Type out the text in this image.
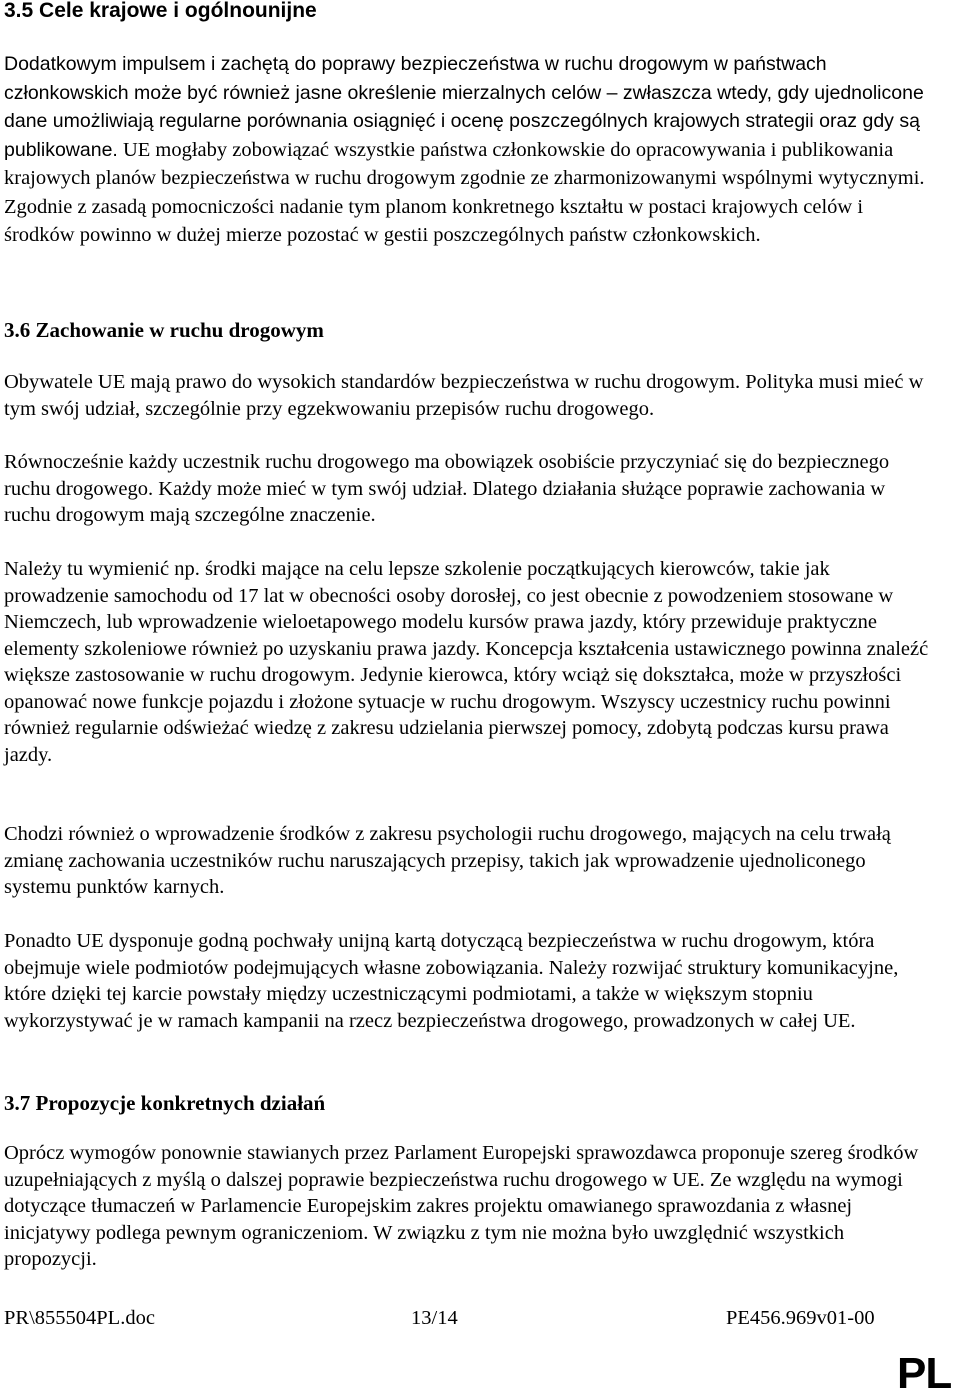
3.5 Cele krajowe i ogólnounijne

Dodatkowym impulsem i zachętą do poprawy bezpieczeństwa w ruchu drogowym w państwach członkowskich może być również jasne określenie mierzalnych celów – zwłaszcza wtedy, gdy ujednolicone dane umożliwiają regularne porównania osiągnięć i ocenę poszczególnych krajowych strategii oraz gdy są publikowane. UE mogłaby zobowiązać wszystkie państwa członkowskie do opracowywania i publikowania krajowych planów bezpieczeństwa w ruchu drogowym zgodnie ze zharmonizowanymi wspólnymi wytycznymi. Zgodnie z zasadą pomocniczości nadanie tym planom konkretnego kształtu w postaci krajowych celów i środków powinno w dużej mierze pozostać w gestii poszczególnych państw członkowskich.

3.6 Zachowanie w ruchu drogowym

Obywatele UE mają prawo do wysokich standardów bezpieczeństwa w ruchu drogowym. Polityka musi mieć w tym swój udział, szczególnie przy egzekwowaniu przepisów ruchu drogowego.

Równocześnie każdy uczestnik ruchu drogowego ma obowiązek osobiście przyczyniać się do bezpiecznego ruchu drogowego. Każdy może mieć w tym swój udział. Dlatego działania służące poprawie zachowania w ruchu drogowym mają szczególne znaczenie.

Należy tu wymienić np. środki mające na celu lepsze szkolenie początkujących kierowców, takie jak prowadzenie samochodu od 17 lat w obecności osoby dorosłej, co jest obecnie z powodzeniem stosowane w Niemczech, lub wprowadzenie wieloetapowego modelu kursów prawa jazdy, który przewiduje praktyczne elementy szkoleniowe również po uzyskaniu prawa jazdy. Koncepcja kształcenia ustawicznego powinna znaleźć większe zastosowanie w ruchu drogowym. Jedynie kierowca, który wciąż się dokształca, może w przyszłości opanować nowe funkcje pojazdu i złożone sytuacje w ruchu drogowym. Wszyscy uczestnicy ruchu powinni również regularnie odświeżać wiedzę z zakresu udzielania pierwszej pomocy, zdobytą podczas kursu prawa jazdy.

Chodzi również o wprowadzenie środków z zakresu psychologii ruchu drogowego, mających na celu trwałą zmianę zachowania uczestników ruchu naruszających przepisy, takich jak wprowadzenie ujednoliconego systemu punktów karnych.

Ponadto UE dysponuje godną pochwały unijną kartą dotyczącą bezpieczeństwa w ruchu drogowym, która obejmuje wiele podmiotów podejmujących własne zobowiązania. Należy rozwijać struktury komunikacyjne, które dzięki tej karcie powstały między uczestniczącymi podmiotami, a także w większym stopniu wykorzystywać je w ramach kampanii na rzecz bezpieczeństwa drogowego, prowadzonych w całej UE.

3.7 Propozycje konkretnych działań

Oprócz wymogów ponownie stawianych przez Parlament Europejski sprawozdawca proponuje szereg środków uzupełniających z myślą o dalszej poprawie bezpieczeństwa ruchu drogowego w UE. Ze względu na wymogi dotyczące tłumaczeń w Parlamencie Europejskim zakres projektu omawianego sprawozdania z własnej inicjatywy podlega pewnym ograniczeniom. W związku z tym nie można było uwzględnić wszystkich propozycji.

PR\855504PL.doc	13/14	PE456.969v01-00
PL
